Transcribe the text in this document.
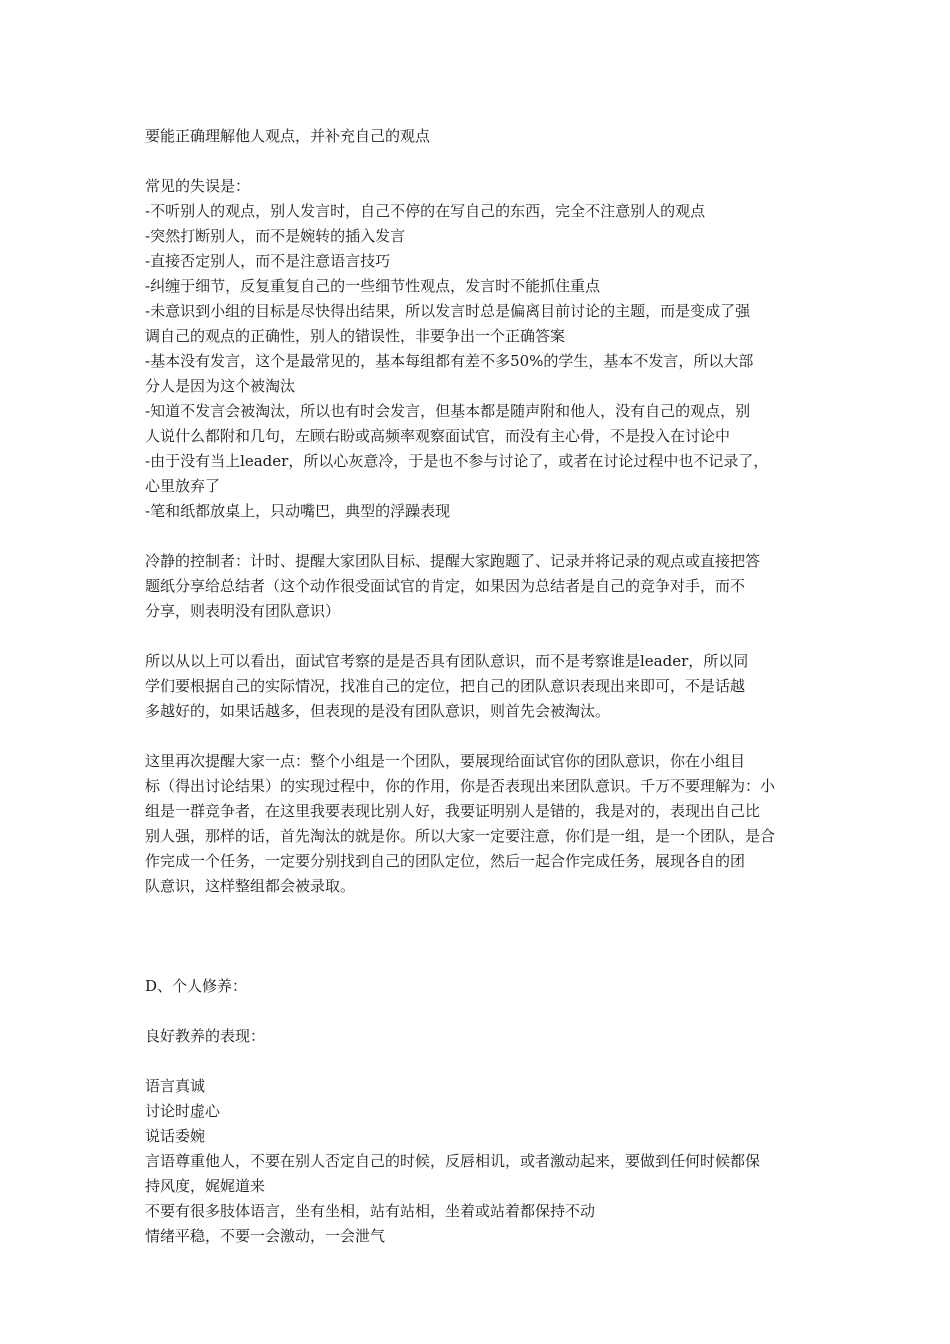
要能正确理解他人观点，并补充自己的观点

常见的失误是：

-不听别人的观点，别人发言时，自己不停的在写自己的东西，完全不注意别人的观点
-突然打断别人，而不是婉转的插入发言
-直接否定别人，而不是注意语言技巧
-纠缠于细节，反复重复自己的一些细节性观点，发言时不能抓住重点
-未意识到小组的目标是尽快得出结果，所以发言时总是偏离目前讨论的主题，而是变成了强
调自己的观点的正确性，别人的错误性，非要争出一个正确答案
-基本没有发言，这个是最常见的，基本每组都有差不多50%的学生，基本不发言，所以大部
分人是因为这个被淘汰
-知道不发言会被淘汰，所以也有时会发言，但基本都是随声附和他人，没有自己的观点，别
人说什么都附和几句，左顾右盼或高频率观察面试官，而没有主心骨，不是投入在讨论中
-由于没有当上leader，所以心灰意冷，于是也不参与讨论了，或者在讨论过程中也不记录了，
心里放弃了
-笔和纸都放桌上，只动嘴巴，典型的浮躁表现
冷静的控制者：计时、提醒大家团队目标、提醒大家跑题了、记录并将记录的观点或直接把答
题纸分享给总结者（这个动作很受面试官的肯定，如果因为总结者是自己的竞争对手，而不
分享，则表明没有团队意识）
所以从以上可以看出，面试官考察的是是否具有团队意识，而不是考察谁是leader，所以同
学们要根据自己的实际情况，找准自己的定位，把自己的团队意识表现出来即可，不是话越
多越好的，如果话越多，但表现的是没有团队意识，则首先会被淘汰。
这里再次提醒大家一点：整个小组是一个团队，要展现给面试官你的团队意识，你在小组目
标（得出讨论结果）的实现过程中，你的作用，你是否表现出来团队意识。千万不要理解为：小
组是一群竞争者，在这里我要表现比别人好，我要证明别人是错的，我是对的，表现出自己比
别人强，那样的话，首先淘汰的就是你。所以大家一定要注意，你们是一组，是一个团队，是合
作完成一个任务，一定要分别找到自己的团队定位，然后一起合作完成任务，展现各自的团
队意识，这样整组都会被录取。

D、个人修养：

良好教养的表现：

语言真诚
讨论时虚心
说话委婉
言语尊重他人，不要在别人否定自己的时候，反唇相讥，或者激动起来，要做到任何时候都保
持风度，娓娓道来
不要有很多肢体语言，坐有坐相，站有站相，坐着或站着都保持不动
情绪平稳，不要一会激动，一会泄气
